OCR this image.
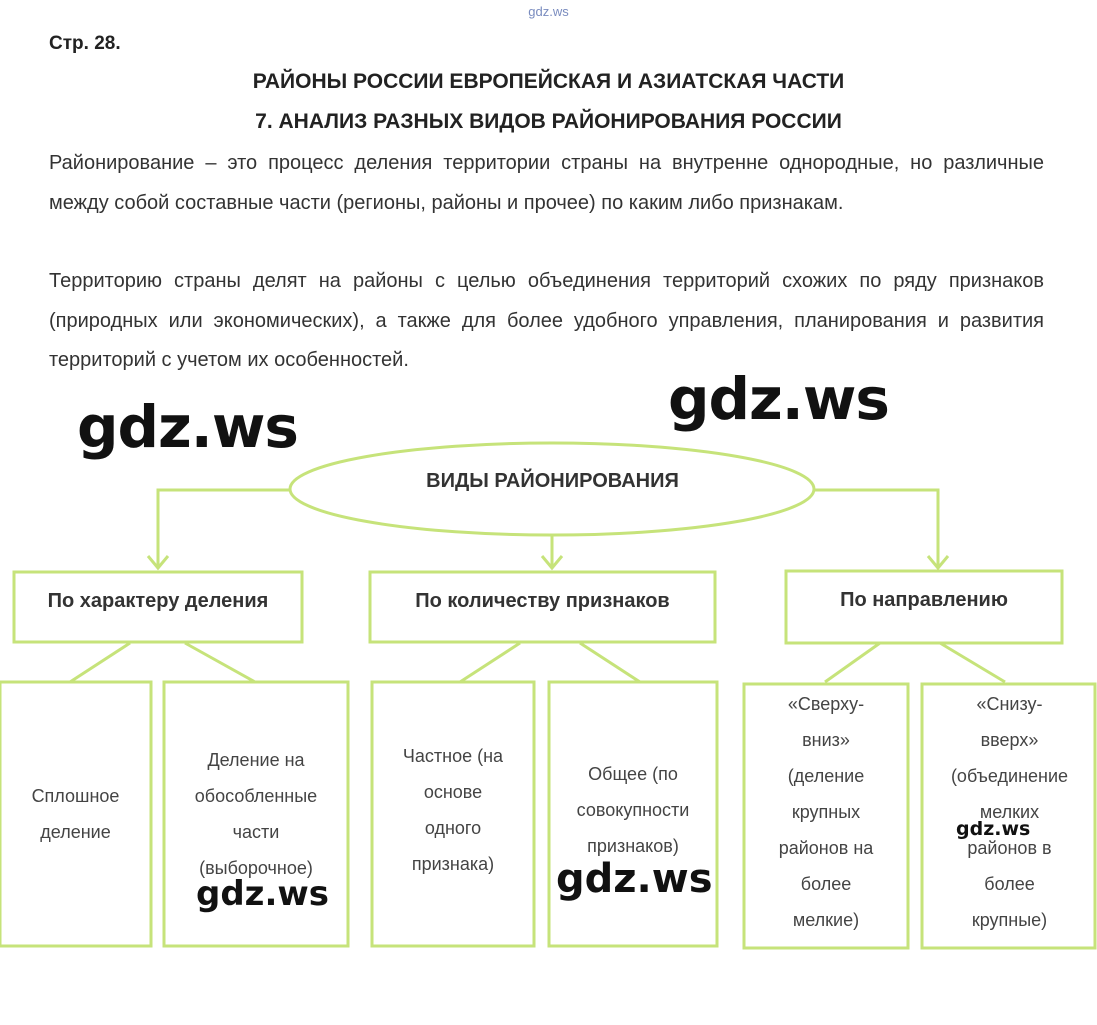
gdz.ws
Стр. 28.
РАЙОНЫ РОССИИ ЕВРОПЕЙСКАЯ И АЗИАТСКАЯ ЧАСТИ
7. АНАЛИЗ РАЗНЫХ ВИДОВ РАЙОНИРОВАНИЯ РОССИИ
Районирование – это процесс деления территории страны на внутренне однородные, но различные между собой составные части (регионы, районы и прочее) по каким либо признакам.
Территорию страны делят на районы с целью объединения территорий схожих по ряду признаков (природных или экономических), а также для более удобного управления, планирования и развития территорий с учетом их особенностей.
ВИДЫ РАЙОНИРОВАНИЯ
По характеру деления	По количеству признаков	По направлению
Сплошное
деление
Деление на
обособленные
части
(выборочное)
Частное (на
основе
одного
признака)
Общее (по
совокупности
признаков)
«Сверху-
вниз»
(деление
крупных
районов на
более
мелкие)
«Снизу-
вверх»
(объединение
мелких
районов в
более
крупные)
gdz.ws	gdz.ws
gdz.ws	gdz.ws
gdz.ws
